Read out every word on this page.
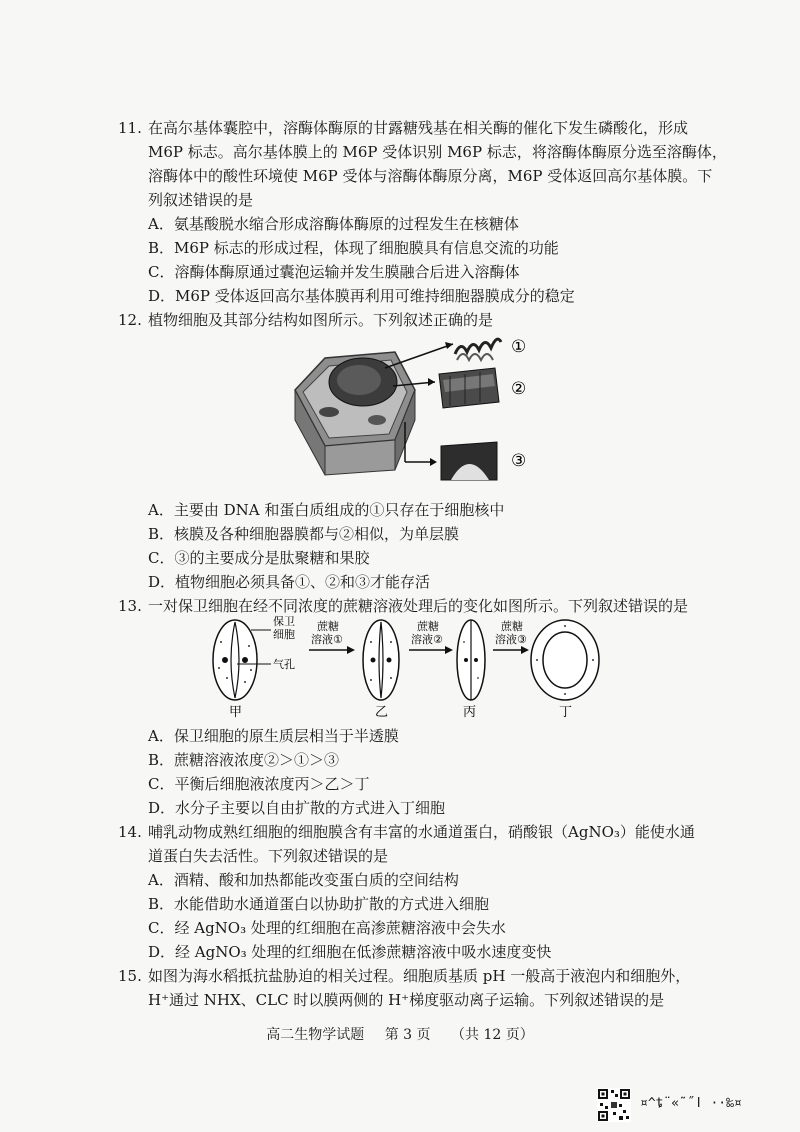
11. 在高尔基体囊腔中，溶酶体酶原的甘露糖残基在相关酶的催化下发生磷酸化，形成
M6P 标志。高尔基体膜上的 M6P 受体识别 M6P 标志，将溶酶体酶原分选至溶酶体，
溶酶体中的酸性环境使 M6P 受体与溶酶体酶原分离，M6P 受体返回高尔基体膜。下
列叙述错误的是
A．氨基酸脱水缩合形成溶酶体酶原的过程发生在核糖体
B．M6P 标志的形成过程，体现了细胞膜具有信息交流的功能
C．溶酶体酶原通过囊泡运输并发生膜融合后进入溶酶体
D．M6P 受体返回高尔基体膜再利用可维持细胞器膜成分的稳定
12. 植物细胞及其部分结构如图所示。下列叙述正确的是
①
②
③
A．主要由 DNA 和蛋白质组成的①只存在于细胞核中
B．核膜及各种细胞器膜都与②相似，为单层膜
C．③的主要成分是肽聚糖和果胶
D．植物细胞必须具备①、②和③才能存活
13. 一对保卫细胞在经不同浓度的蔗糖溶液处理后的变化如图所示。下列叙述错误的是
保卫
细胞
气孔
甲
蔗糖
溶液①
乙
蔗糖
溶液②
丙
蔗糖
溶液③
丁
A．保卫细胞的原生质层相当于半透膜
B．蔗糖溶液浓度②＞①＞③
C．平衡后细胞液浓度丙＞乙＞丁
D．水分子主要以自由扩散的方式进入丁细胞
14. 哺乳动物成熟红细胞的细胞膜含有丰富的水通道蛋白，硝酸银（AgNO₃）能使水通
道蛋白失去活性。下列叙述错误的是
A．酒精、酸和加热都能改变蛋白质的空间结构
B．水能借助水通道蛋白以协助扩散的方式进入细胞
C．经 AgNO₃ 处理的红细胞在高渗蔗糖溶液中会失水
D．经 AgNO₃ 处理的红细胞在低渗蔗糖溶液中吸水速度变快
15. 如图为海水稻抵抗盐胁迫的相关过程。细胞质基质 pH 一般高于液泡内和细胞外，
H⁺通过 NHX、CLC 时以膜两侧的 H⁺梯度驱动离子运输。下列叙述错误的是
高二生物学试题 第 3 页 （共 12 页）
¤^ȶ¨«˜˝ǀ ··‰¤
